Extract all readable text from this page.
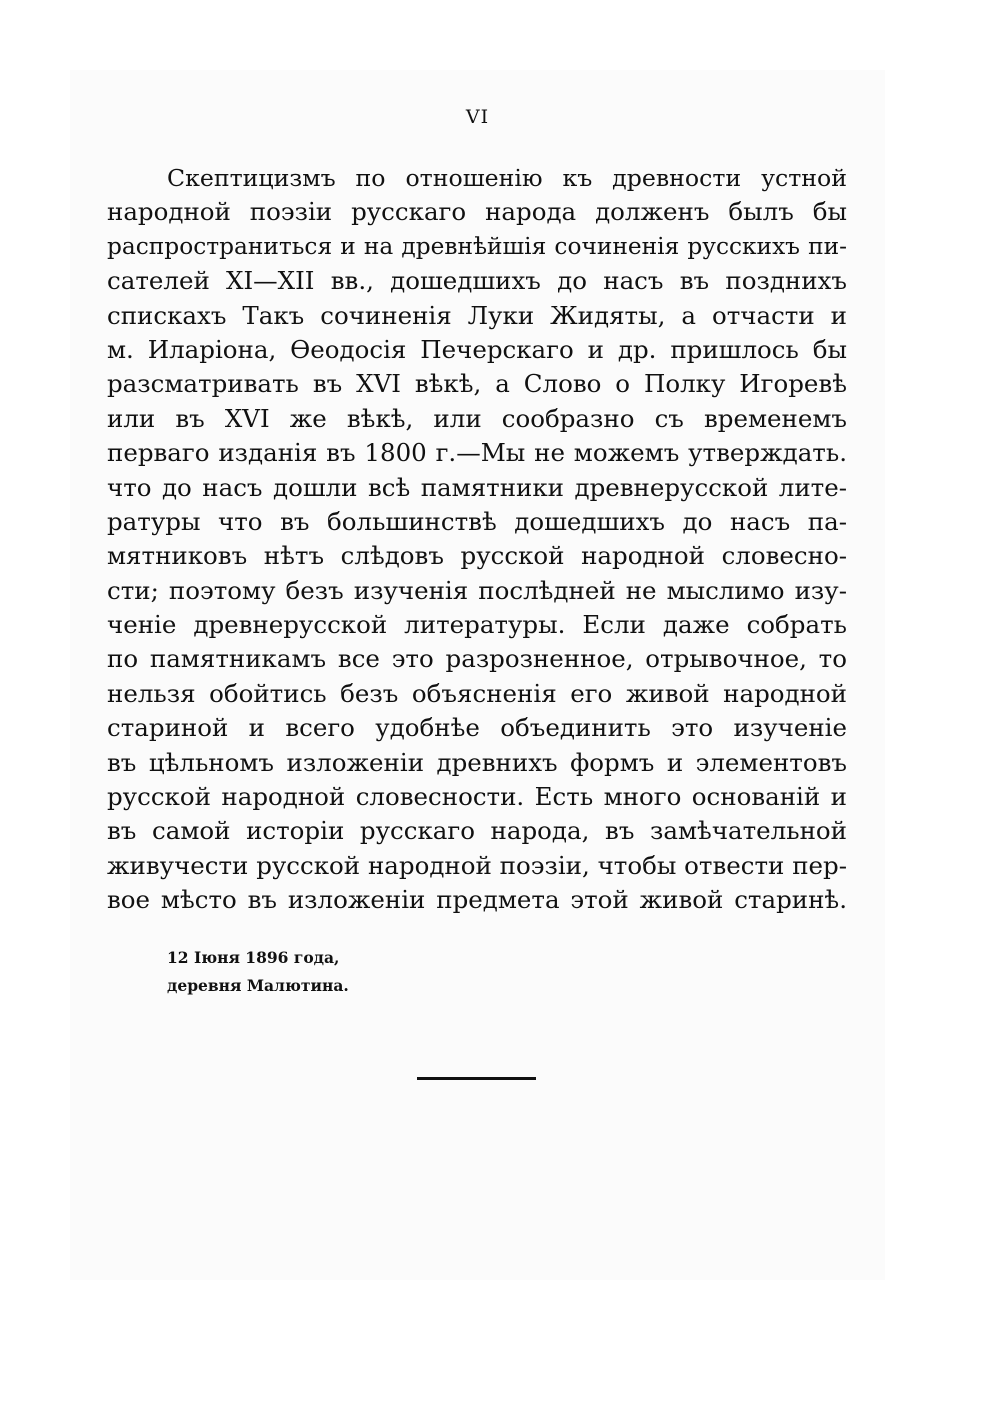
VI
Скептицизмъ по отношенію къ древности устной
народной поэзіи русскаго народа долженъ былъ бы
распространиться и на древнѣйшія сочиненія русскихъ пи-
сателей XI—XII вв., дошедшихъ до насъ въ позднихъ
спискахъ Такъ сочиненія Луки Жидяты, а отчасти и
м. Иларіона, Ѳеодосія Печерскаго и др. пришлось бы
разсматривать въ XVI вѣкѣ, а Слово о Полку Игоревѣ
или въ XVI же вѣкѣ, или сообразно съ временемъ
перваго изданія въ 1800 г.—Мы не можемъ утверждать.
что до насъ дошли всѣ памятники древнерусской лите-
ратуры что въ большинствѣ дошедшихъ до насъ па-
мятниковъ нѣтъ слѣдовъ русской народной словесно-
сти; поэтому безъ изученія послѣдней не мыслимо изу-
ченіе древнерусской литературы. Если даже собрать
по памятникамъ все это разрозненное, отрывочное, то
нельзя обойтись безъ объясненія его живой народной
стариной и всего удобнѣе объединить это изученіе
въ цѣльномъ изложеніи древнихъ формъ и элементовъ
русской народной словесности. Есть много основаній и
въ самой исторіи русскаго народа, въ замѣчательной
живучести русской народной поэзіи, чтобы отвести пер-
вое мѣсто въ изложеніи предмета этой живой старинѣ.
12 Іюня 1896 года,
деревня Малютина.
